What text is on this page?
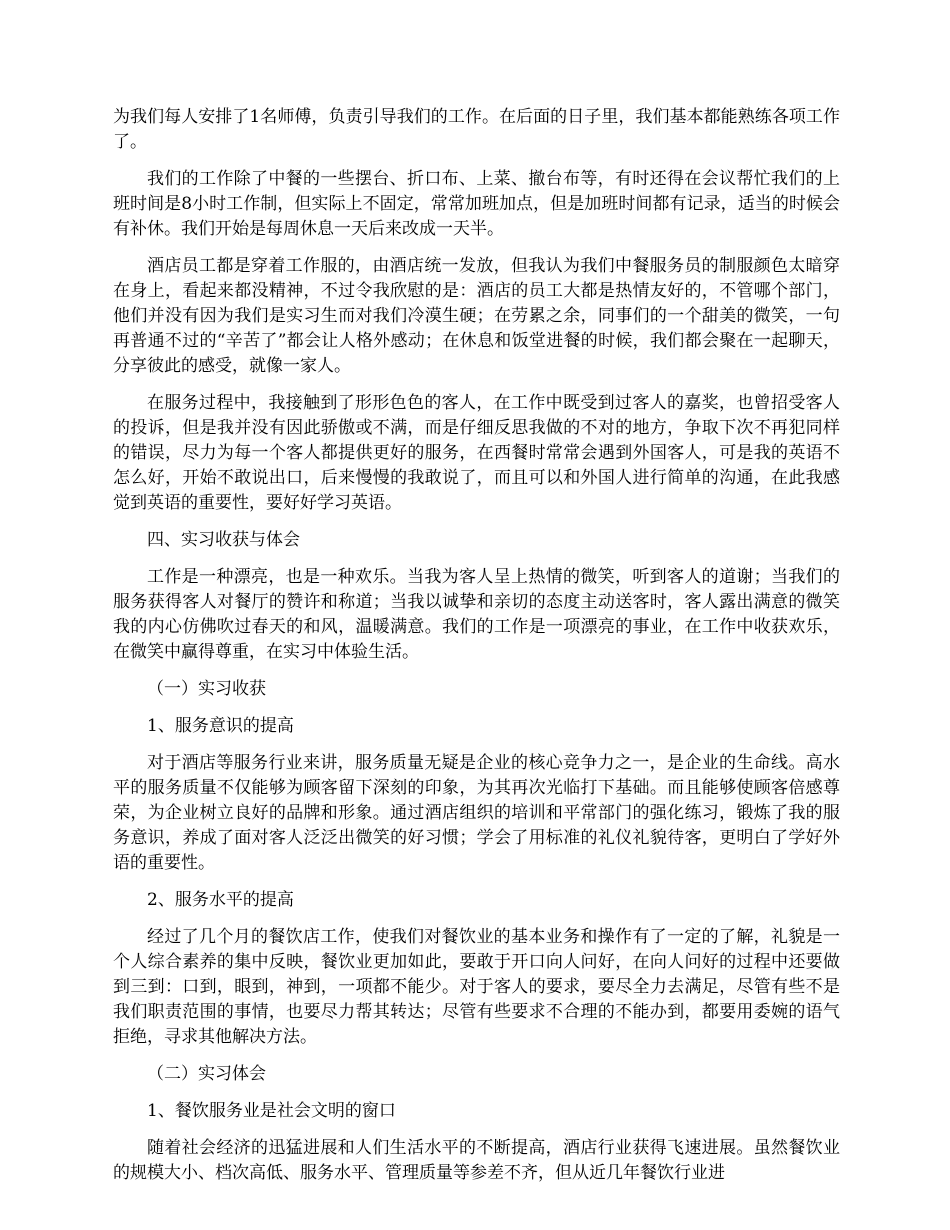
为我们每人安排了1名师傅，负责引导我们的工作。在后面的日子里，我们基本都能熟练各项工作了。

我们的工作除了中餐的一些摆台、折口布、上菜、撤台布等，有时还得在会议帮忙我们的上班时间是8小时工作制，但实际上不固定，常常加班加点，但是加班时间都有记录，适当的时候会有补休。我们开始是每周休息一天后来改成一天半。

酒店员工都是穿着工作服的，由酒店统一发放，但我认为我们中餐服务员的制服颜色太暗穿在身上，看起来都没精神，不过令我欣慰的是：酒店的员工大都是热情友好的，不管哪个部门，他们并没有因为我们是实习生而对我们冷漠生硬；在劳累之余，同事们的一个甜美的微笑，一句再普通不过的“辛苦了”都会让人格外感动；在休息和饭堂进餐的时候，我们都会聚在一起聊天，分享彼此的感受，就像一家人。

在服务过程中，我接触到了形形色色的客人，在工作中既受到过客人的嘉奖，也曾招受客人的投诉，但是我并没有因此骄傲或不满，而是仔细反思我做的不对的地方，争取下次不再犯同样的错误，尽力为每一个客人都提供更好的服务，在西餐时常常会遇到外国客人，可是我的英语不怎么好，开始不敢说出口，后来慢慢的我敢说了，而且可以和外国人进行简单的沟通，在此我感觉到英语的重要性，要好好学习英语。

四、实习收获与体会

工作是一种漂亮，也是一种欢乐。当我为客人呈上热情的微笑，听到客人的道谢；当我们的服务获得客人对餐厅的赞许和称道；当我以诚挚和亲切的态度主动送客时，客人露出满意的微笑我的内心仿佛吹过春天的和风，温暖满意。我们的工作是一项漂亮的事业，在工作中收获欢乐，在微笑中赢得尊重，在实习中体验生活。

（一）实习收获

1、服务意识的提高

对于酒店等服务行业来讲，服务质量无疑是企业的核心竞争力之一，是企业的生命线。高水平的服务质量不仅能够为顾客留下深刻的印象，为其再次光临打下基础。而且能够使顾客倍感尊荣，为企业树立良好的品牌和形象。通过酒店组织的培训和平常部门的强化练习，锻炼了我的服务意识，养成了面对客人泛泛出微笑的好习惯；学会了用标准的礼仪礼貌待客，更明白了学好外语的重要性。

2、服务水平的提高

经过了几个月的餐饮店工作，使我们对餐饮业的基本业务和操作有了一定的了解，礼貌是一个人综合素养的集中反映，餐饮业更加如此，要敢于开口向人问好，在向人问好的过程中还要做到三到：口到，眼到，神到，一项都不能少。对于客人的要求，要尽全力去满足，尽管有些不是我们职责范围的事情，也要尽力帮其转达；尽管有些要求不合理的不能办到，都要用委婉的语气拒绝，寻求其他解决方法。

（二）实习体会

1、餐饮服务业是社会文明的窗口

随着社会经济的迅猛进展和人们生活水平的不断提高，酒店行业获得飞速进展。虽然餐饮业的规模大小、档次高低、服务水平、管理质量等参差不齐，但从近几年餐饮行业进
